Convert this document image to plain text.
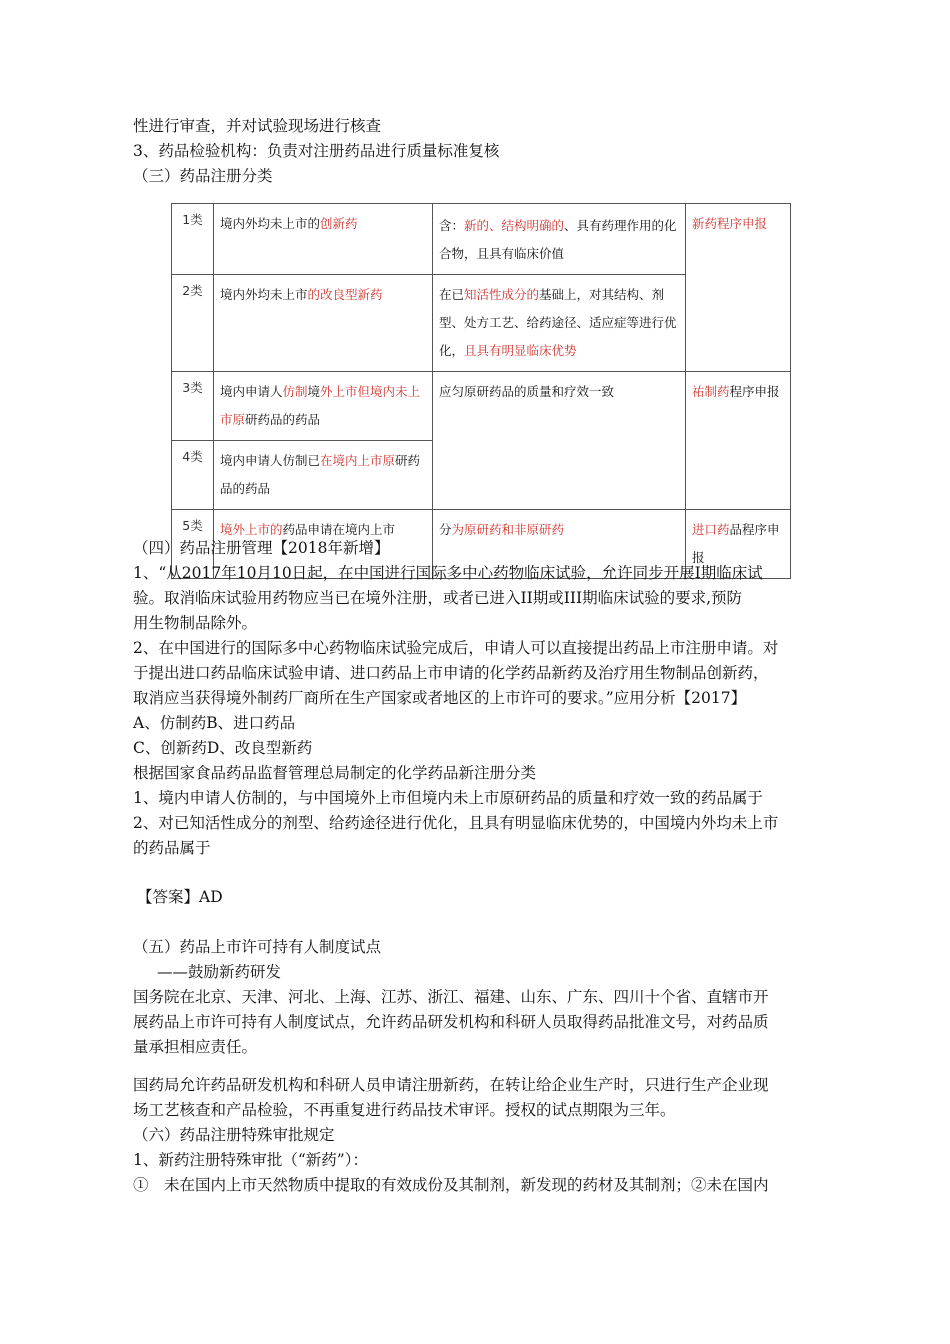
性进行审查，并对试验现场进行核查
3、药品检验机构：负责对注册药品进行质量标准复核
（三）药品注册分类
1类	境内外均未上市的创新药	含：新的、结构明确的、具有药理作用的化合物，且具有临床价值	新药程序申报
2类	境内外均未上市的改良型新药	在已知活性成分的基础上，对其结构、剂型、处方工艺、给药途径、适应症等进行优化，且具有明显临床优势	
3类	境内申请人仿制境外上市但境内未上市原研药品的药品	应匀原研药品的质量和疗效一致	祐制药程序申报
4类	境内申请人仿制已在境内上市原研药品的药品		
5类	境外上市的药品申请在境内上市	分为原研药和非原研药	进口药品程序申报
（四）药品注册管理【2018年新增】
1、“从2017年10月10日起，在中国进行国际多中心药物临床试验，允许同步开展I期临床试
验。取消临床试验用药物应当已在境外注册，或者已进入II期或III期临床试验的要求,预防
用生物制品除外。
2、在中国进行的国际多中心药物临床试验完成后，申请人可以直接提出药品上市注册申请。对
于提出进口药品临床试验申请、进口药品上市申请的化学药品新药及治疗用生物制品创新药，
取消应当获得境外制药厂商所在生产国家或者地区的上市许可的要求。”应用分析【2017】
A、仿制药B、进口药品
C、创新药D、改良型新药
根据国家食品药品监督管理总局制定的化学药品新注册分类
1、境内申请人仿制的，与中国境外上市但境内未上市原研药品的质量和疗效一致的药品属于
2、对已知活性成分的剂型、给药途径进行优化，且具有明显临床优势的，中国境内外均未上市
的药品属于
【答案】AD
（五）药品上市许可持有人制度试点
——鼓励新药研发
国务院在北京、天津、河北、上海、江苏、浙江、福建、山东、广东、四川十个省、直辖市开
展药品上市许可持有人制度试点，允许药品研发机构和科研人员取得药品批准文号，对药品质
量承担相应责任。
国药局允许药品研发机构和科研人员申请注册新药，在转让给企业生产时，只进行生产企业现
场工艺核查和产品检验，不再重复进行药品技术审评。授权的试点期限为三年。
（六）药品注册特殊审批规定
1、新药注册特殊审批（“新药”）：
①　未在国内上市天然物质中提取的有效成份及其制剂，新发现的药材及其制剂；②未在国内
